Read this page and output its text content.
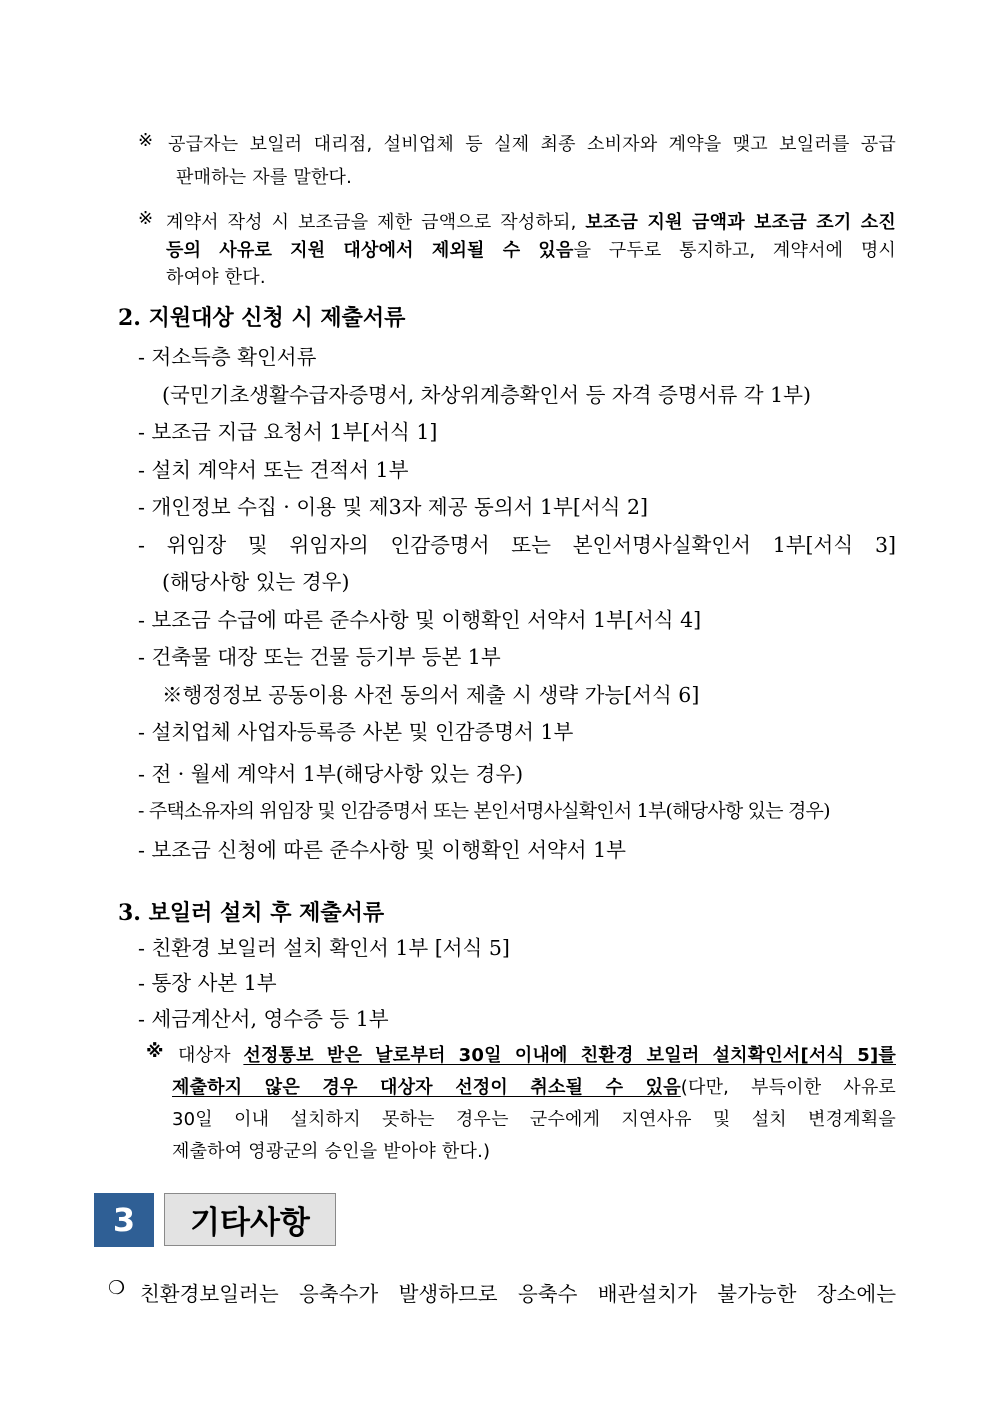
※ 공급자는 보일러 대리점, 설비업체 등 실제 최종 소비자와 계약을 맺고 보일러를 공급
판매하는 자를 말한다.
※ 계약서 작성 시 보조금을 제한 금액으로 작성하되, 보조금 지원 금액과 보조금 조기 소진
등의 사유로 지원 대상에서 제외될 수 있음을 구두로 통지하고, 계약서에 명시
하여야 한다.
2. 지원대상 신청 시 제출서류
- 저소득층 확인서류
(국민기초생활수급자증명서, 차상위계층확인서 등 자격 증명서류 각 1부)
- 보조금 지급 요청서 1부[서식 1]
- 설치 계약서 또는 견적서 1부
- 개인정보 수집 · 이용 및 제3자 제공 동의서 1부[서식 2]
- 위임장 및 위임자의 인감증명서 또는 본인서명사실확인서 1부[서식 3]
(해당사항 있는 경우)
- 보조금 수급에 따른 준수사항 및 이행확인 서약서 1부[서식 4]
- 건축물 대장 또는 건물 등기부 등본 1부
※행정정보 공동이용 사전 동의서 제출 시 생략 가능[서식 6]
- 설치업체 사업자등록증 사본 및 인감증명서 1부
- 전 · 월세 계약서 1부(해당사항 있는 경우)
- 주택소유자의 위임장 및 인감증명서 또는 본인서명사실확인서 1부(해당사항 있는 경우)
- 보조금 신청에 따른 준수사항 및 이행확인 서약서 1부
3. 보일러 설치 후 제출서류
- 친환경 보일러 설치 확인서 1부 [서식 5]
- 통장 사본 1부
- 세금계산서, 영수증 등 1부
※ 대상자 선정통보 받은 날로부터 30일 이내에 친환경 보일러 설치확인서[서식 5]를
제출하지 않은 경우 대상자 선정이 취소될 수 있음(다만, 부득이한 사유로
30일 이내 설치하지 못하는 경우는 군수에게 지연사유 및 설치 변경계획을
제출하여 영광군의 승인을 받아야 한다.)
3	기타사항
❍ 친환경보일러는 응축수가 발생하므로 응축수 배관설치가 불가능한 장소에는
